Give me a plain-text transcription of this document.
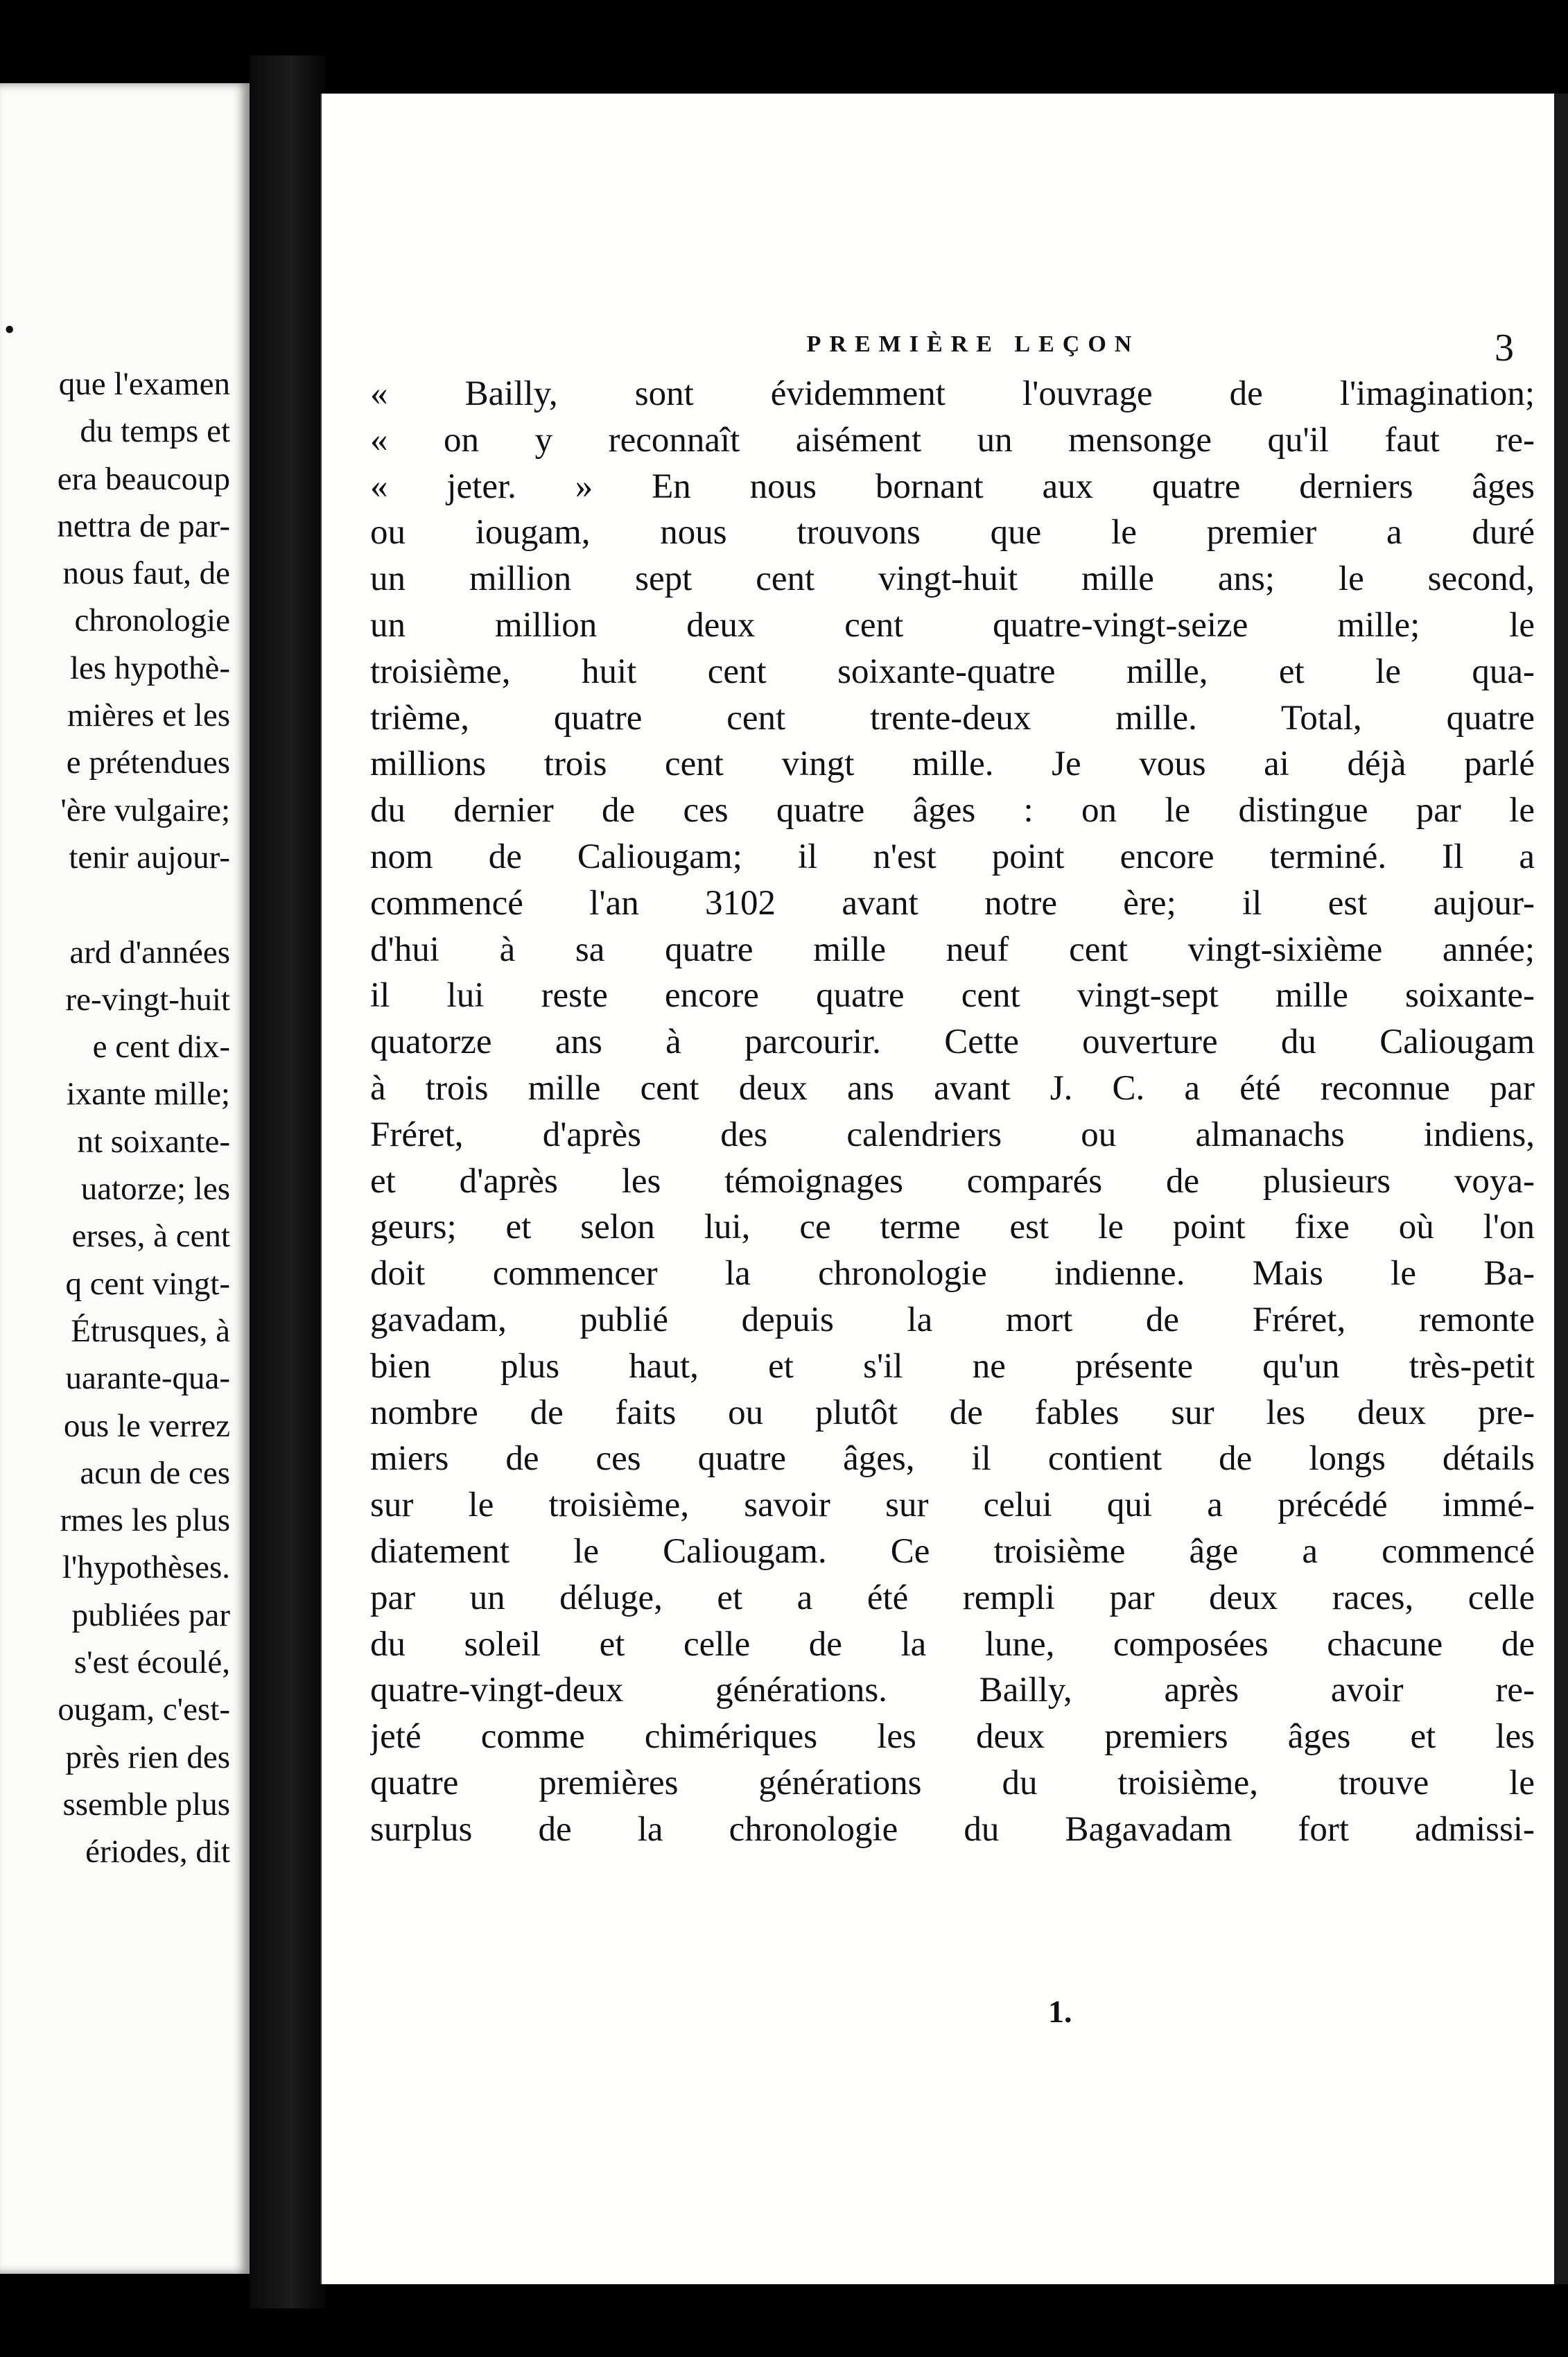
•
que l'examen
du temps et
era beaucoup
nettra de par-
nous faut, de
chronologie
les hypothè-
mières et les
e prétendues
'ère vulgaire;
tenir aujour-
ard d'années
re-vingt-huit
e cent dix-
ixante mille;
nt soixante-
uatorze; les
erses, à cent
q cent vingt-
Étrusques, à
uarante-qua-
ous le verrez
acun de ces
rmes les plus
l'hypothèses.
publiées par
s'est écoulé,
ougam, c'est-
près rien des
ssemble plus
ériodes, dit
PREMIÈRE LEÇON	3
« Bailly, sont évidemment l'ouvrage de l'imagination;
« on y reconnaît aisément un mensonge qu'il faut re-
« jeter. » En nous bornant aux quatre derniers âges
ou iougam, nous trouvons que le premier a duré
un million sept cent vingt-huit mille ans; le second,
un million deux cent quatre-vingt-seize mille; le
troisième, huit cent soixante-quatre mille, et le qua-
trième, quatre cent trente-deux mille. Total, quatre
millions trois cent vingt mille. Je vous ai déjà parlé
du dernier de ces quatre âges : on le distingue par le
nom de Caliougam; il n'est point encore terminé. Il a
commencé l'an 3102 avant notre ère; il est aujour-
d'hui à sa quatre mille neuf cent vingt-sixième année;
il lui reste encore quatre cent vingt-sept mille soixante-
quatorze ans à parcourir. Cette ouverture du Caliougam
à trois mille cent deux ans avant J. C. a été reconnue par
Fréret, d'après des calendriers ou almanachs indiens,
et d'après les témoignages comparés de plusieurs voya-
geurs; et selon lui, ce terme est le point fixe où l'on
doit commencer la chronologie indienne. Mais le Ba-
gavadam, publié depuis la mort de Fréret, remonte
bien plus haut, et s'il ne présente qu'un très-petit
nombre de faits ou plutôt de fables sur les deux pre-
miers de ces quatre âges, il contient de longs détails
sur le troisième, savoir sur celui qui a précédé immé-
diatement le Caliougam. Ce troisième âge a commencé
par un déluge, et a été rempli par deux races, celle
du soleil et celle de la lune, composées chacune de
quatre-vingt-deux générations. Bailly, après avoir re-
jeté comme chimériques les deux premiers âges et les
quatre premières générations du troisième, trouve le
surplus de la chronologie du Bagavadam fort admissi-
1.
